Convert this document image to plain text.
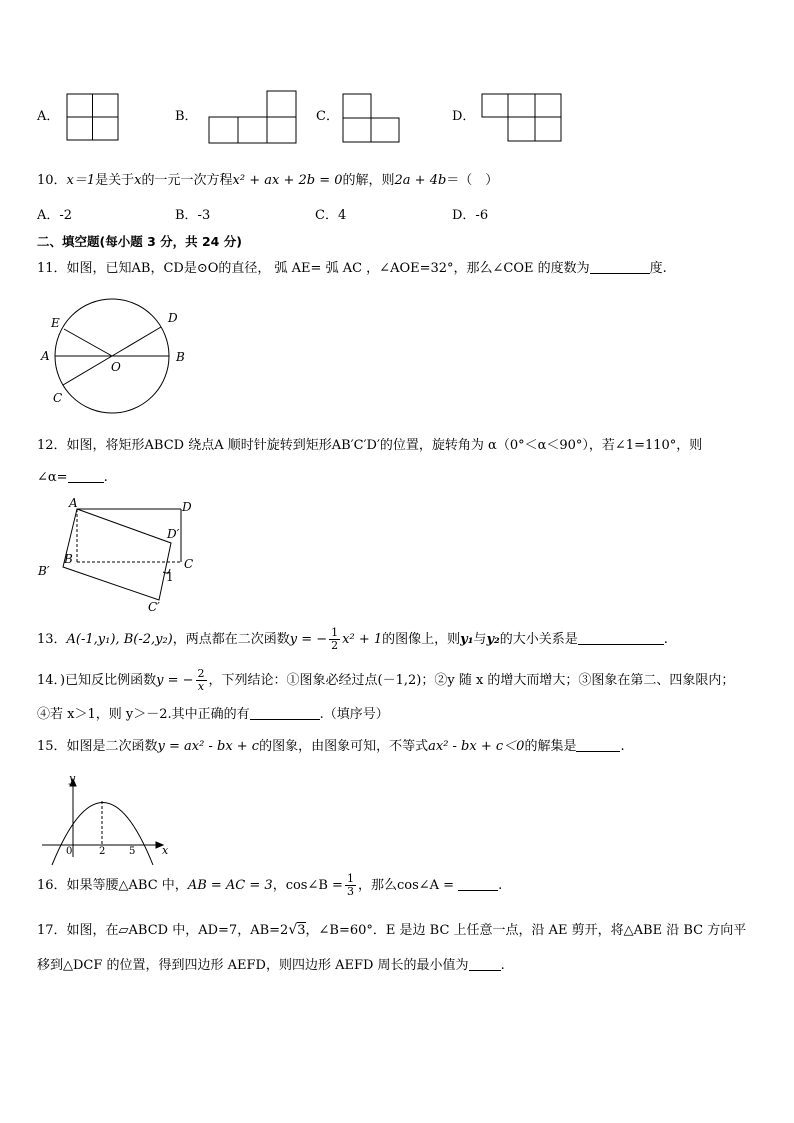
A．	B．	C．	D．
10．x＝1是关于x的一元一次方程x² + ax + 2b = 0的解，则2a + 4b＝（　）
A．-2	B．-3	C．4	D．-6
二、填空题(每小题 3 分，共 24 分)
11．如图，已知AB，CD是⊙O的直径， 弧 AE= 弧 AC ，∠AOE=32°，那么∠COE 的度数为	度.
E	D
A	B
O
C
12．如图，将矩形ABCD 绕点A 顺时针旋转到矩形AB′C′D′的位置，旋转角为 α（0°＜α＜90°），若∠1=110°，则
∠α=	.
A	D
D′
B	C
B′	1
C′
13．A(-1,y₁), B(-2,y₂)，两点都在二次函数y = − $\frac{1}{2} x^2 + 1$的图像上，则y₁与y₂的大小关系是	.
14．)已知反比例函数y = − $\frac{2}{x}$ ，下列结论：①图象必经过点(－1,2)；②y 随 x 的增大而增大；③图象在第二、四象限内；
④若 x＞1，则 y＞－2.其中正确的有	.（填序号）
15．如图是二次函数y = ax² - bx + c的图象，由图象可知，不等式ax² - bx + c＜0的解集是	.
y
x
0	2 5
16．如果等腰△ABC 中，AB = AC = 3，cos∠B = $\frac{1}{3}$ ，那么cos∠A =	.
17．如图，在▱ABCD 中，AD=7，AB=2√3，∠B=60°．E 是边 BC 上任意一点，沿 AE 剪开，将△ABE 沿 BC 方向平
移到△DCF 的位置，得到四边形 AEFD，则四边形 AEFD 周长的最小值为 .
